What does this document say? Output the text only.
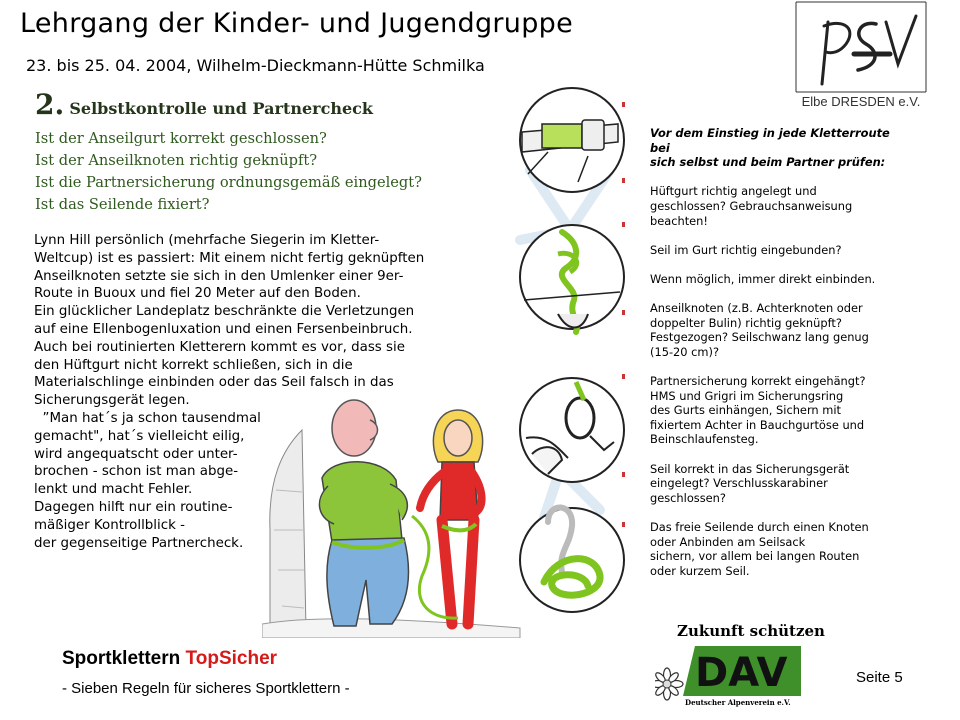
Lehrgang der Kinder- und Jugendgruppe
23. bis 25. 04. 2004, Wilhelm-Dieckmann-Hütte Schmilka
Elbe DRESDEN e.V.
2. Selbstkontrolle und Partnercheck
Ist der Anseilgurt korrekt geschlossen?
Ist der Anseilknoten richtig geknüpft?
Ist die Partnersicherung ordnungsgemäß eingelegt?
Ist das Seilende fixiert?
Lynn Hill persönlich (mehrfache Siegerin im Kletter-
Weltcup) ist es passiert: Mit einem nicht fertig geknüpften
Anseilknoten setzte sie sich in den Umlenker einer 9er-
Route in Buoux und fiel 20 Meter auf den Boden.
Ein glücklicher Landeplatz beschränkte die Verletzungen
auf eine Ellenbogenluxation und einen Fersenbeinbruch.
Auch bei routinierten Kletterern kommt es vor, dass sie
den Hüftgurt nicht korrekt schließen, sich in die
Materialschlinge einbinden oder das Seil falsch in das
Sicherungsgerät legen.
”Man hat´s ja schon tausendmal
gemacht", hat´s vielleicht eilig,
wird angequatscht oder unter-
brochen - schon ist man abge-
lenkt und macht Fehler.
Dagegen hilft nur ein routine-
mäßiger Kontrollblick -
der gegenseitige Partnercheck.
Vor dem Einstieg in jede Kletterroute
bei
sich selbst und beim Partner prüfen:
Hüftgurt richtig angelegt und
geschlossen? Gebrauchsanweisung
beachten!
Seil im Gurt richtig eingebunden?
Wenn möglich, immer direkt einbinden.
Anseilknoten (z.B. Achterknoten oder
doppelter Bulin) richtig geknüpft?
Festgezogen? Seilschwanz lang genug
(15-20 cm)?
Partnersicherung korrekt eingehängt?
HMS und Grigri im Sicherungsring
des Gurts einhängen, Sichern mit
fixiertem Achter in Bauchgurtöse und
Beinschlaufensteg.
Seil korrekt in das Sicherungsgerät
eingelegt? Verschlusskarabiner
geschlossen?
Das freie Seilende durch einen Knoten
oder Anbinden am Seilsack
sichern, vor allem bei langen Routen
oder kurzem Seil.
Zukunft schützen
DAV
Deutscher Alpenverein e.V.
Sportklettern TopSicher
- Sieben Regeln für sicheres Sportklettern -
Seite 5
